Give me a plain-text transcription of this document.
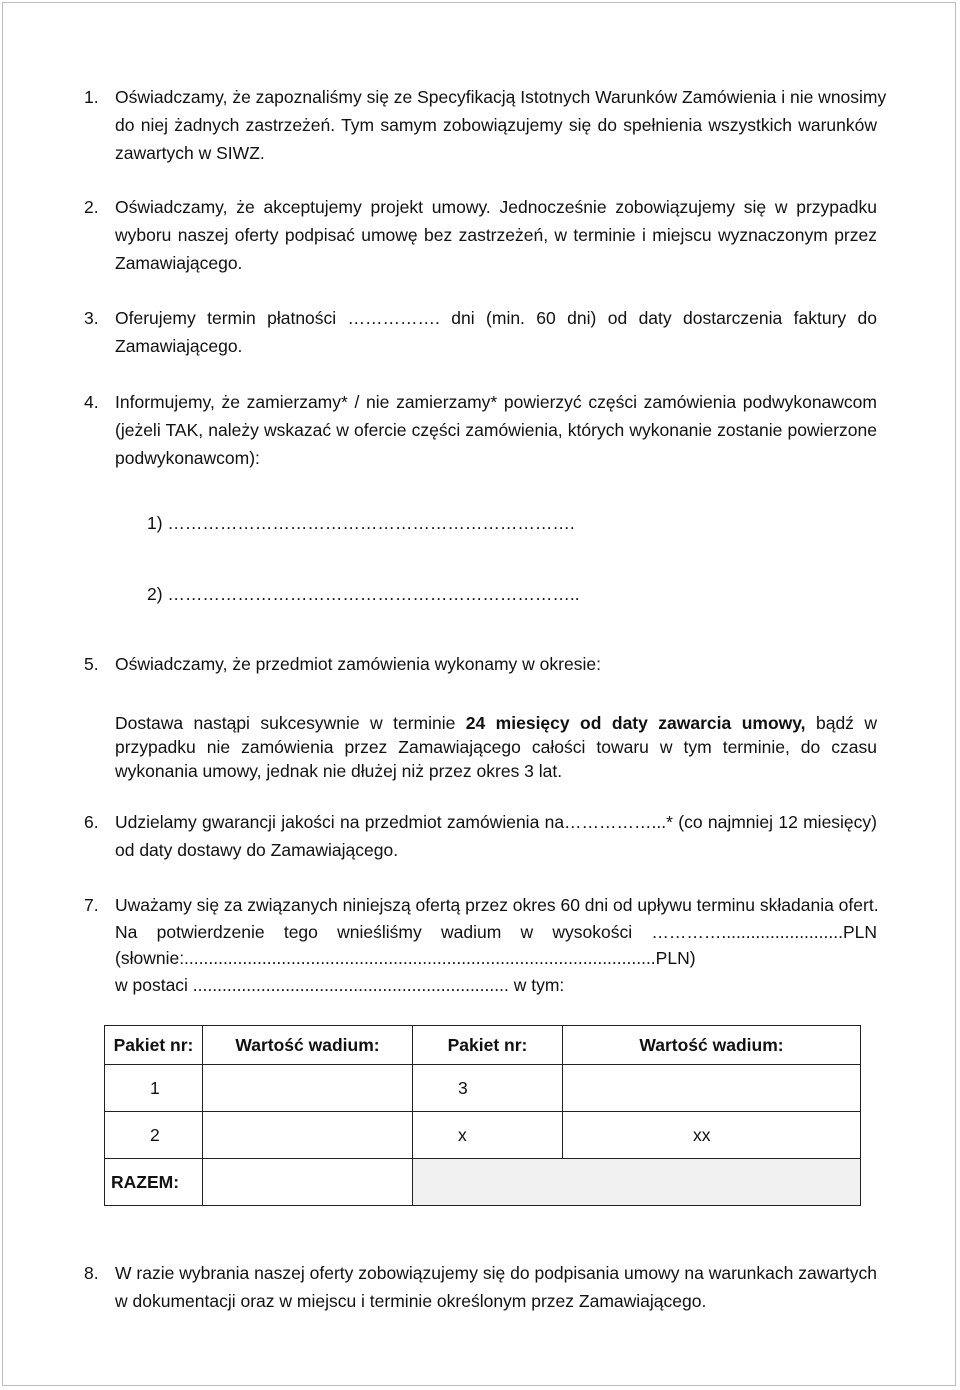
1. Oświadczamy, że zapoznaliśmy się ze Specyfikacją Istotnych Warunków Zamówienia i nie wnosimy
do niej żadnych zastrzeżeń. Tym samym zobowiązujemy się do spełnienia wszystkich warunków
zawartych w SIWZ.
2. Oświadczamy, że akceptujemy projekt umowy. Jednocześnie zobowiązujemy się w przypadku
wyboru naszej oferty podpisać umowę bez zastrzeżeń, w terminie i miejscu wyznaczonym przez
Zamawiającego.
3. Oferujemy termin płatności ……………. dni (min. 60 dni) od daty dostarczenia faktury do
Zamawiającego.
4. Informujemy, że zamierzamy* / nie zamierzamy* powierzyć części zamówienia podwykonawcom
(jeżeli TAK, należy wskazać w ofercie części zamówienia, których wykonanie zostanie powierzone
podwykonawcom):
1) …………………………………………………………….
2) ……………………………………………………………..
5. Oświadczamy, że przedmiot zamówienia wykonamy w okresie:
Dostawa nastąpi sukcesywnie w terminie 24 miesięcy od daty zawarcia umowy, bądź w
przypadku nie zamówienia przez Zamawiającego całości towaru w tym terminie, do czasu
wykonania umowy, jednak nie dłużej niż przez okres 3 lat.
6. Udzielamy gwarancji jakości na przedmiot zamówienia na……………...* (co najmniej 12 miesięcy)
od daty dostawy do Zamawiającego.
7. Uważamy się za związanych niniejszą ofertą przez okres 60 dni od upływu terminu składania ofert.
Na potwierdzenie tego wnieśliśmy wadium w wysokości ………….........................PLN
(słownie:.................................................................................................PLN)
w postaci ................................................................. w tym:
Pakiet nr:	Wartość wadium:	Pakiet nr:	Wartość wadium:
1		3	
2		x	xx
RAZEM:			
8. W razie wybrania naszej oferty zobowiązujemy się do podpisania umowy na warunkach zawartych
w dokumentacji oraz w miejscu i terminie określonym przez Zamawiającego.
